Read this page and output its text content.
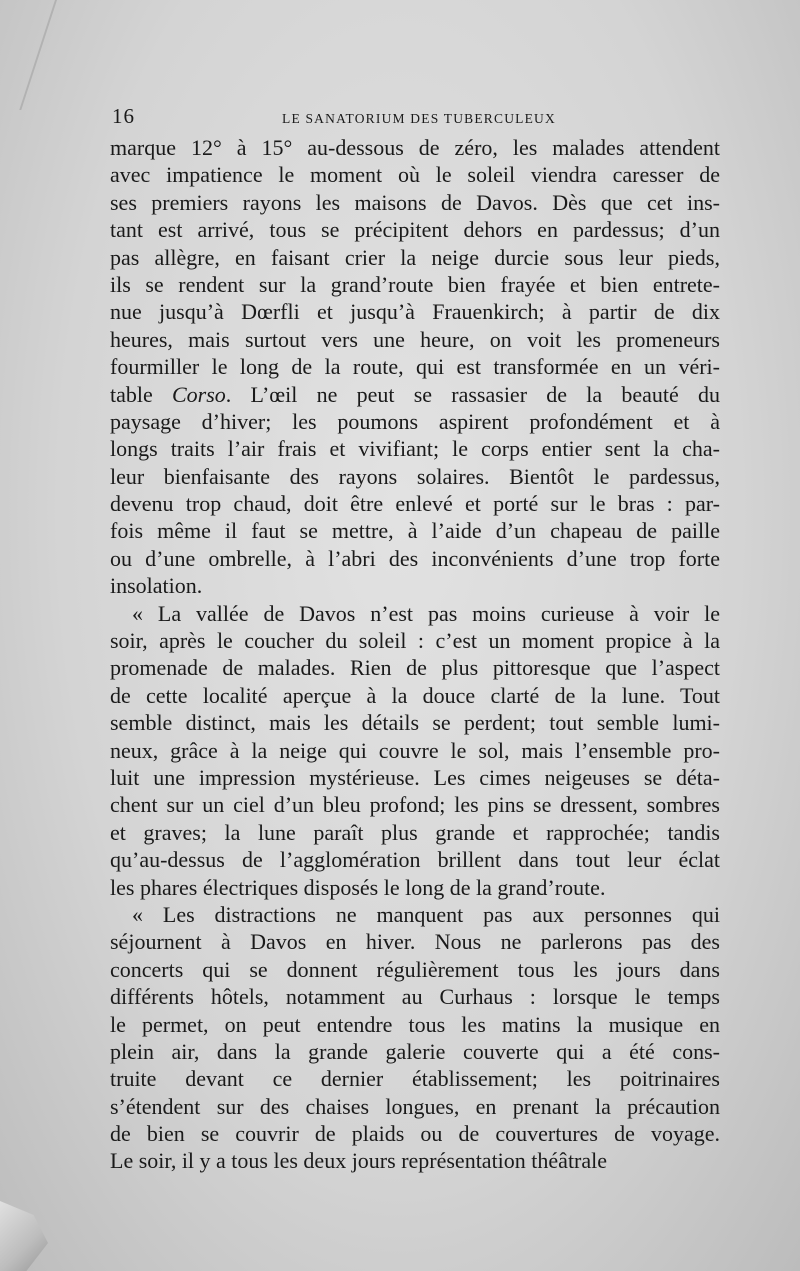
16	LE SANATORIUM DES TUBERCULEUX
marque 12° à 15° au-dessous de zéro, les malades attendent
avec impatience le moment où le soleil viendra caresser de
ses premiers rayons les maisons de Davos. Dès que cet ins-
tant est arrivé, tous se précipitent dehors en pardessus; d’un
pas allègre, en faisant crier la neige durcie sous leur pieds,
ils se rendent sur la grand’route bien frayée et bien entrete-
nue jusqu’à Dœrfli et jusqu’à Frauenkirch; à partir de dix
heures, mais surtout vers une heure, on voit les promeneurs
fourmiller le long de la route, qui est transformée en un véri-
table Corso. L’œil ne peut se rassasier de la beauté du
paysage d’hiver; les poumons aspirent profondément et à
longs traits l’air frais et vivifiant; le corps entier sent la cha-
leur bienfaisante des rayons solaires. Bientôt le pardessus,
devenu trop chaud, doit être enlevé et porté sur le bras : par-
fois même il faut se mettre, à l’aide d’un chapeau de paille
ou d’une ombrelle, à l’abri des inconvénients d’une trop forte
insolation.
« La vallée de Davos n’est pas moins curieuse à voir le
soir, après le coucher du soleil : c’est un moment propice à la
promenade de malades. Rien de plus pittoresque que l’aspect
de cette localité aperçue à la douce clarté de la lune. Tout
semble distinct, mais les détails se perdent; tout semble lumi-
neux, grâce à la neige qui couvre le sol, mais l’ensemble pro-
luit une impression mystérieuse. Les cimes neigeuses se déta-
chent sur un ciel d’un bleu profond; les pins se dressent, sombres
et graves; la lune paraît plus grande et rapprochée; tandis
qu’au-dessus de l’agglomération brillent dans tout leur éclat
les phares électriques disposés le long de la grand’route.
« Les distractions ne manquent pas aux personnes qui
séjournent à Davos en hiver. Nous ne parlerons pas des
concerts qui se donnent régulièrement tous les jours dans
différents hôtels, notamment au Curhaus : lorsque le temps
le permet, on peut entendre tous les matins la musique en
plein air, dans la grande galerie couverte qui a été cons-
truite devant ce dernier établissement; les poitrinaires
s’étendent sur des chaises longues, en prenant la précaution
de bien se couvrir de plaids ou de couvertures de voyage.
Le soir, il y a tous les deux jours représentation théâtrale
